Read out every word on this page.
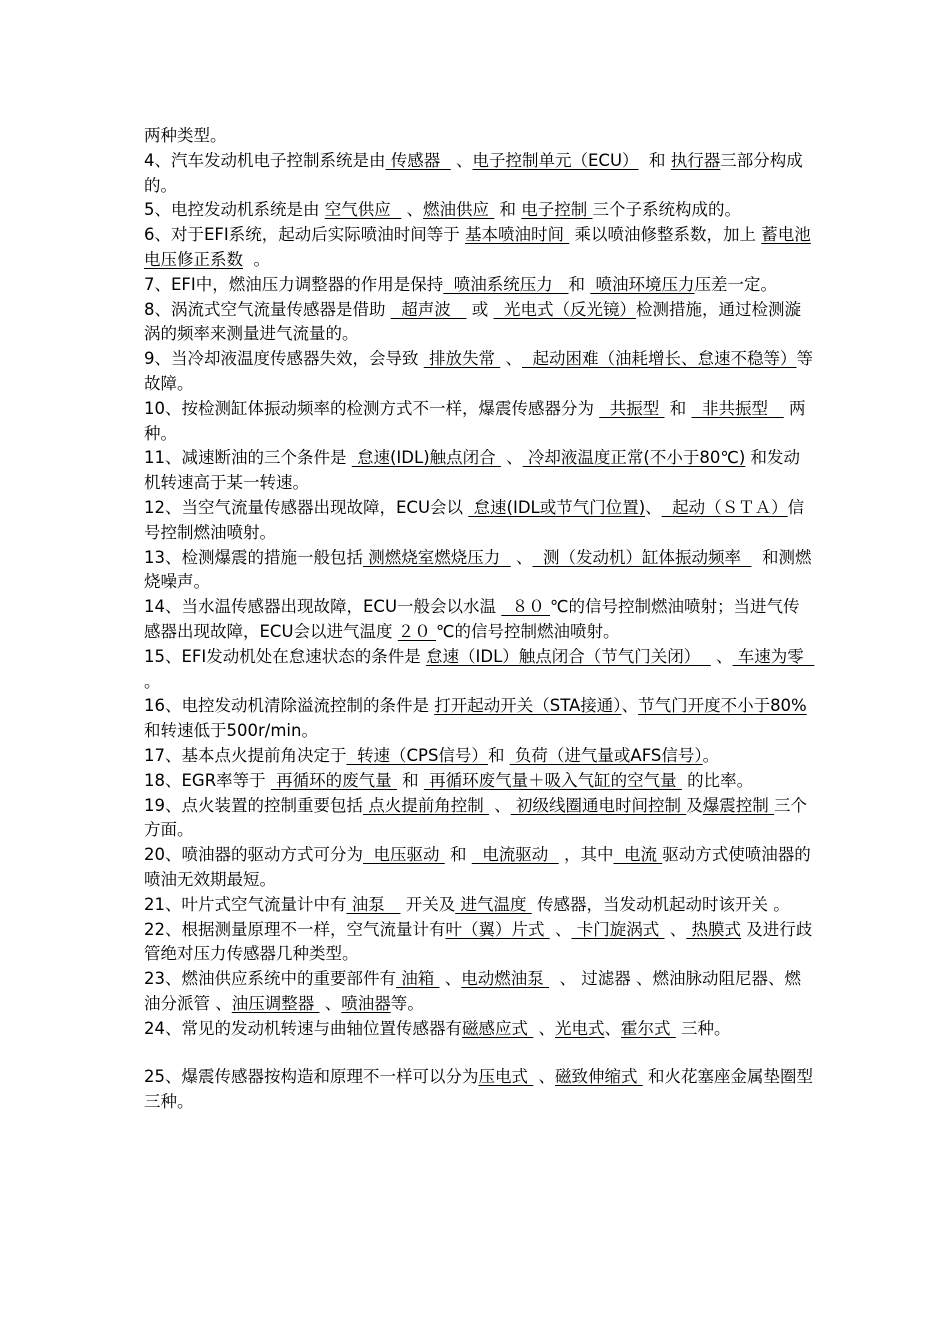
两种类型。
4、汽车发动机电子控制系统是由 传感器   、电子控制单元（ECU）  和 执行器三部分构成的。
5、电控发动机系统是由 空气供应   、燃油供应  和 电子控制 三个子系统构成的。
6、对于EFI系统，起动后实际喷油时间等于 基本喷油时间  乘以喷油修整系数，加上 蓄电池电压修正系数  。
7、EFI中，燃油压力调整器的作用是保持  喷油系统压力   和  喷油环境压力压差一定。
8、涡流式空气流量传感器是借助   超声波    或   光电式（反光镜）检测措施，通过检测漩涡的频率来测量进气流量的。
9、当冷却液温度传感器失效，会导致  排放失常  、  起动困难（油耗增长、怠速不稳等）等故障。
10、按检测缸体振动频率的检测方式不一样，爆震传感器分为   共振型  和   非共振型    两种。
11、减速断油的三个条件是  怠速(IDL)触点闭合  、 冷却液温度正常(不小于80℃) 和发动机转速高于某一转速。
12、当空气流量传感器出现故障，ECU会以  怠速(IDL或节气门位置)、  起动（ＳＴＡ）信号控制燃油喷射。
13、检测爆震的措施一般包括 测燃烧室燃烧压力   、  测（发动机）缸体振动频率    和测燃烧噪声。
14、当水温传感器出现故障，ECU一般会以水温   ８０ ℃的信号控制燃油喷射；当进气传感器出现故障，ECU会以进气温度 ２０ ℃的信号控制燃油喷射。
15、EFI发动机处在怠速状态的条件是 怠速（IDL）触点闭合（节气门关闭）   、 车速为零   。
16、电控发动机清除溢流控制的条件是 打开起动开关（STA接通）、节气门开度不小于80% 和转速低于500r/min。
17、基本点火提前角决定于  转速（CPS信号）和  负荷（进气量或AFS信号）。
18、EGR率等于  再循环的废气量  和  再循环废气量＋吸入气缸的空气量  的比率。
19、点火装置的控制重要包括 点火提前角控制  、 初级线圈通电时间控制 及爆震控制 三个方面。
20、喷油器的驱动方式可分为  电压驱动  和   电流驱动   ，其中  电流 驱动方式使喷油器的喷油无效期最短。
21、叶片式空气流量计中有 油泵    开关及 进气温度  传感器，当发动机起动时该开关 。
22、根据测量原理不一样，空气流量计有叶（翼）片式  、 卡门旋涡式  、 热膜式 及进行歧管绝对压力传感器几种类型。
23、燃油供应系统中的重要部件有 油箱  、电动燃油泵   、 过滤器 、燃油脉动阻尼器、燃油分派管 、油压调整器  、喷油器等。
24、常见的发动机转速与曲轴位置传感器有磁感应式  、光电式、霍尔式  三种。
25、爆震传感器按构造和原理不一样可以分为压电式  、磁致伸缩式  和火花塞座金属垫圈型三种。
